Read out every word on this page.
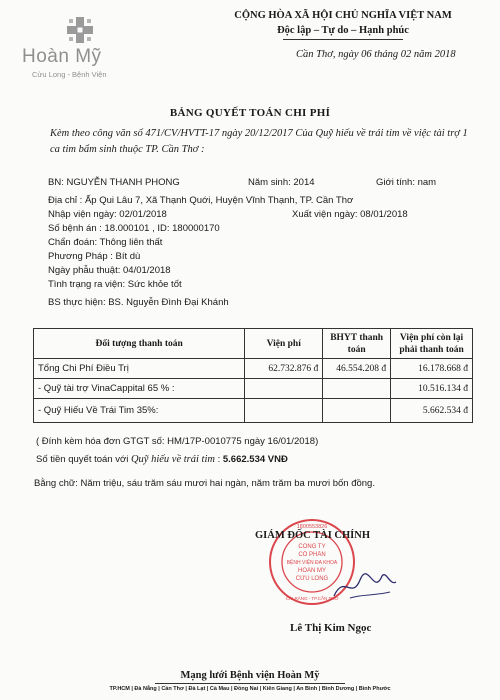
Hoàn Mỹ
Cửu Long - Bệnh Viện
CỘNG HÒA XÃ HỘI CHỦ NGHĨA VIỆT NAM
Độc lập – Tự do – Hạnh phúc
Cần Thơ, ngày 06 tháng 02 năm 2018
BẢNG QUYẾT TOÁN CHI PHÍ
Kèm theo công văn số 471/CV/HVTT-17 ngày 20/12/2017 Của Quỹ hiếu về trái tim về việc tài trợ 1 ca tim bẩm sinh thuộc TP. Cần Thơ :
BN: NGUYỄN THANH PHONG	Năm sinh: 2014	Giới tính: nam
Địa chỉ : Ấp Qui Lâu 7, Xã Thạnh Quới, Huyện Vĩnh Thạnh, TP. Cần Thơ
Nhập viện ngày: 02/01/2018	Xuất viện ngày: 08/01/2018
Số bệnh án : 18.000101 , ID: 180000170
Chẩn đoán: Thông liên thất
Phương Pháp : Bít dù
Ngày phẫu thuật: 04/01/2018
Tình trạng ra viện: Sức khỏe tốt
BS thực hiện: BS. Nguyễn Đình Đại Khánh
Đối tượng thanh toán	Viện phí	BHYT thanh toán	Viện phí còn lại phải thanh toán
Tổng Chi Phí Điều Trị	62.732.876 đ	46.554.208 đ	16.178.668 đ
- Quỹ tài trợ VinaCappital 65 % :			10.516.134 đ
- Quỹ Hiếu Về Trái Tim 35%:			5.662.534 đ
( Đính kèm hóa đơn GTGT số: HM/17P-0010775 ngày 16/01/2018)
Số tiền quyết toán với Quỹ hiếu về trái tim : 5.662.534 VNĐ
Bằng chữ: Năm triệu, sáu trăm sáu mươi hai ngàn, năm trăm ba mươi bốn đồng.
CÔNG TY
CỔ PHẦN
BỆNH VIỆN ĐA KHOA
HOÀN MỸ
CỬU LONG
1800553826
CÁI RĂNG - TP.CẦN THƠ
GIÁM ĐỐC TÀI CHÍNH
Lê Thị Kim Ngọc
Mạng lưới Bệnh viện Hoàn Mỹ
TP.HCM | Đà Nẵng | Cần Thơ | Đà Lạt | Cà Mau | Đồng Nai | Kiên Giang | An Bình | Bình Dương | Bình Phước
